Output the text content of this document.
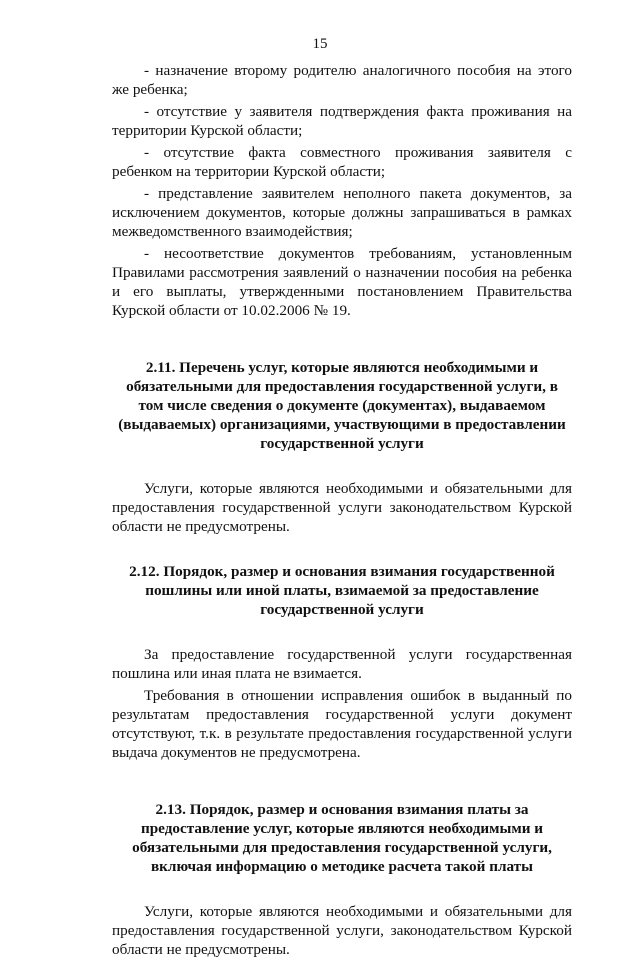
15

- назначение второму родителю аналогичного пособия на этого же ребенка;

- отсутствие у заявителя подтверждения факта проживания на территории Курской области;

- отсутствие факта совместного проживания заявителя с ребенком на территории Курской области;

- представление заявителем неполного пакета документов, за исключением документов, которые должны запрашиваться в рамках межведомственного взаимодействия;

- несоответствие документов требованиям, установленным Правилами рассмотрения заявлений о назначении пособия на ребенка и его выплаты, утвержденными постановлением Правительства Курской области от 10.02.2006 № 19.

2.11. Перечень услуг, которые являются необходимыми и обязательными для предоставления государственной услуги, в том числе сведения о документе (документах), выдаваемом (выдаваемых) организациями, участвующими в предоставлении государственной услуги

Услуги, которые являются необходимыми и обязательными для предоставления государственной услуги законодательством Курской области не предусмотрены.

2.12. Порядок, размер и основания взимания государственной пошлины или иной платы, взимаемой за предоставление государственной услуги

За предоставление государственной услуги государственная пошлина или иная плата не взимается.

Требования в отношении исправления ошибок в выданный по результатам предоставления государственной услуги документ отсутствуют, т.к. в результате предоставления государственной услуги выдача документов не предусмотрена.

2.13. Порядок, размер и основания взимания платы за предоставление услуг, которые являются необходимыми и обязательными для предоставления государственной услуги, включая информацию о методике расчета такой платы

Услуги, которые являются необходимыми и обязательными для предоставления государственной услуги, законодательством Курской области не предусмотрены.
